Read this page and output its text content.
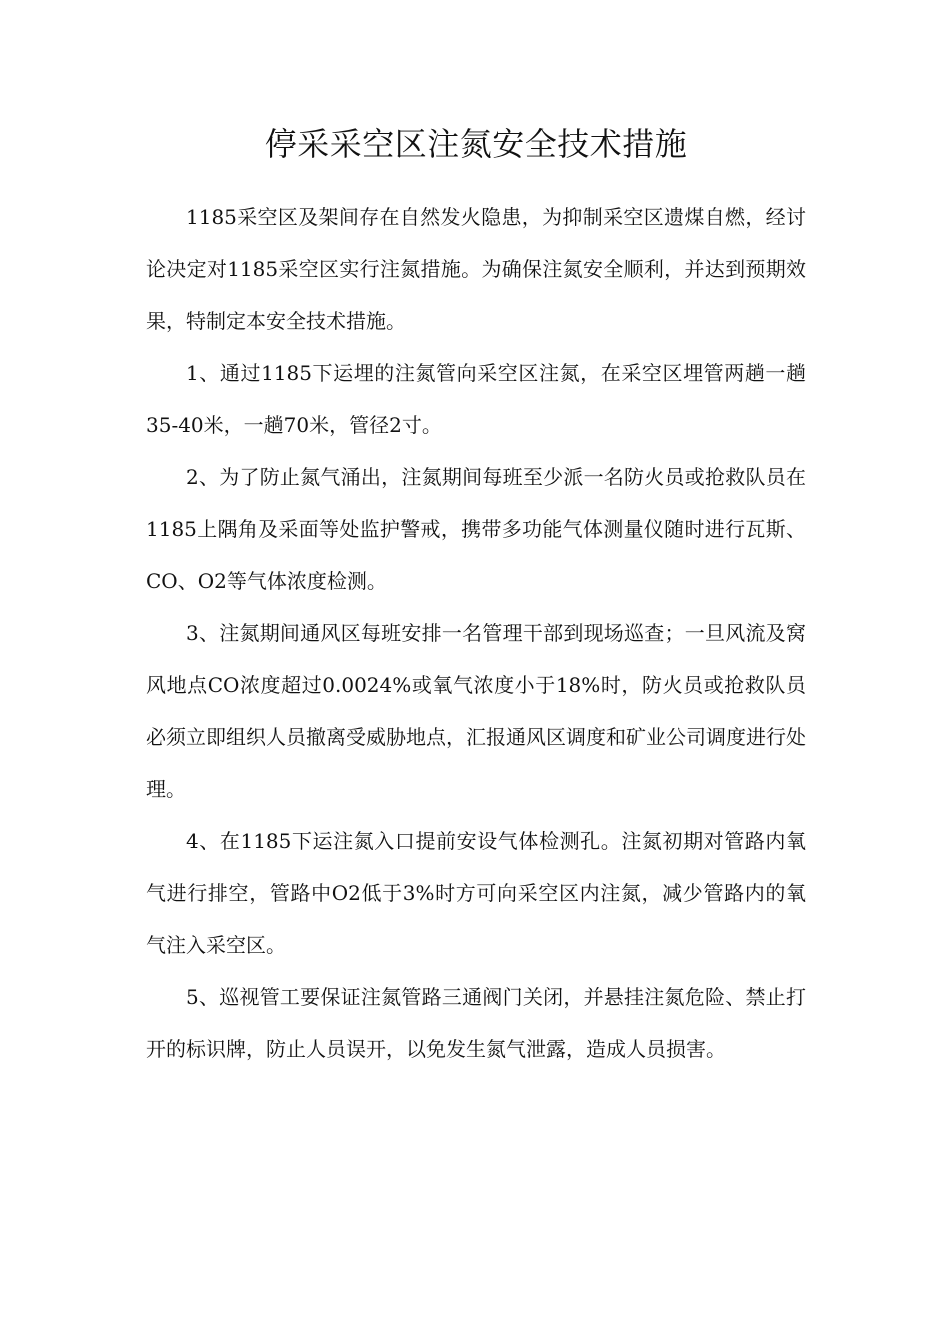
停采采空区注氮安全技术措施

1185采空区及架间存在自然发火隐患，为抑制采空区遗煤自燃，经讨论决定对1185采空区实行注氮措施。为确保注氮安全顺利，并达到预期效果，特制定本安全技术措施。

1、通过1185下运埋的注氮管向采空区注氮，在采空区埋管两趟一趟35-40米，一趟70米，管径2寸。

2、为了防止氮气涌出，注氮期间每班至少派一名防火员或抢救队员在1185上隅角及采面等处监护警戒，携带多功能气体测量仪随时进行瓦斯、CO、O2等气体浓度检测。

3、注氮期间通风区每班安排一名管理干部到现场巡查；一旦风流及窝风地点CO浓度超过0.0024%或氧气浓度小于18%时，防火员或抢救队员必须立即组织人员撤离受威胁地点，汇报通风区调度和矿业公司调度进行处理。

4、在1185下运注氮入口提前安设气体检测孔。注氮初期对管路内氧气进行排空，管路中O2低于3%时方可向采空区内注氮，减少管路内的氧气注入采空区。

5、巡视管工要保证注氮管路三通阀门关闭，并悬挂注氮危险、禁止打开的标识牌，防止人员误开，以免发生氮气泄露，造成人员损害。
